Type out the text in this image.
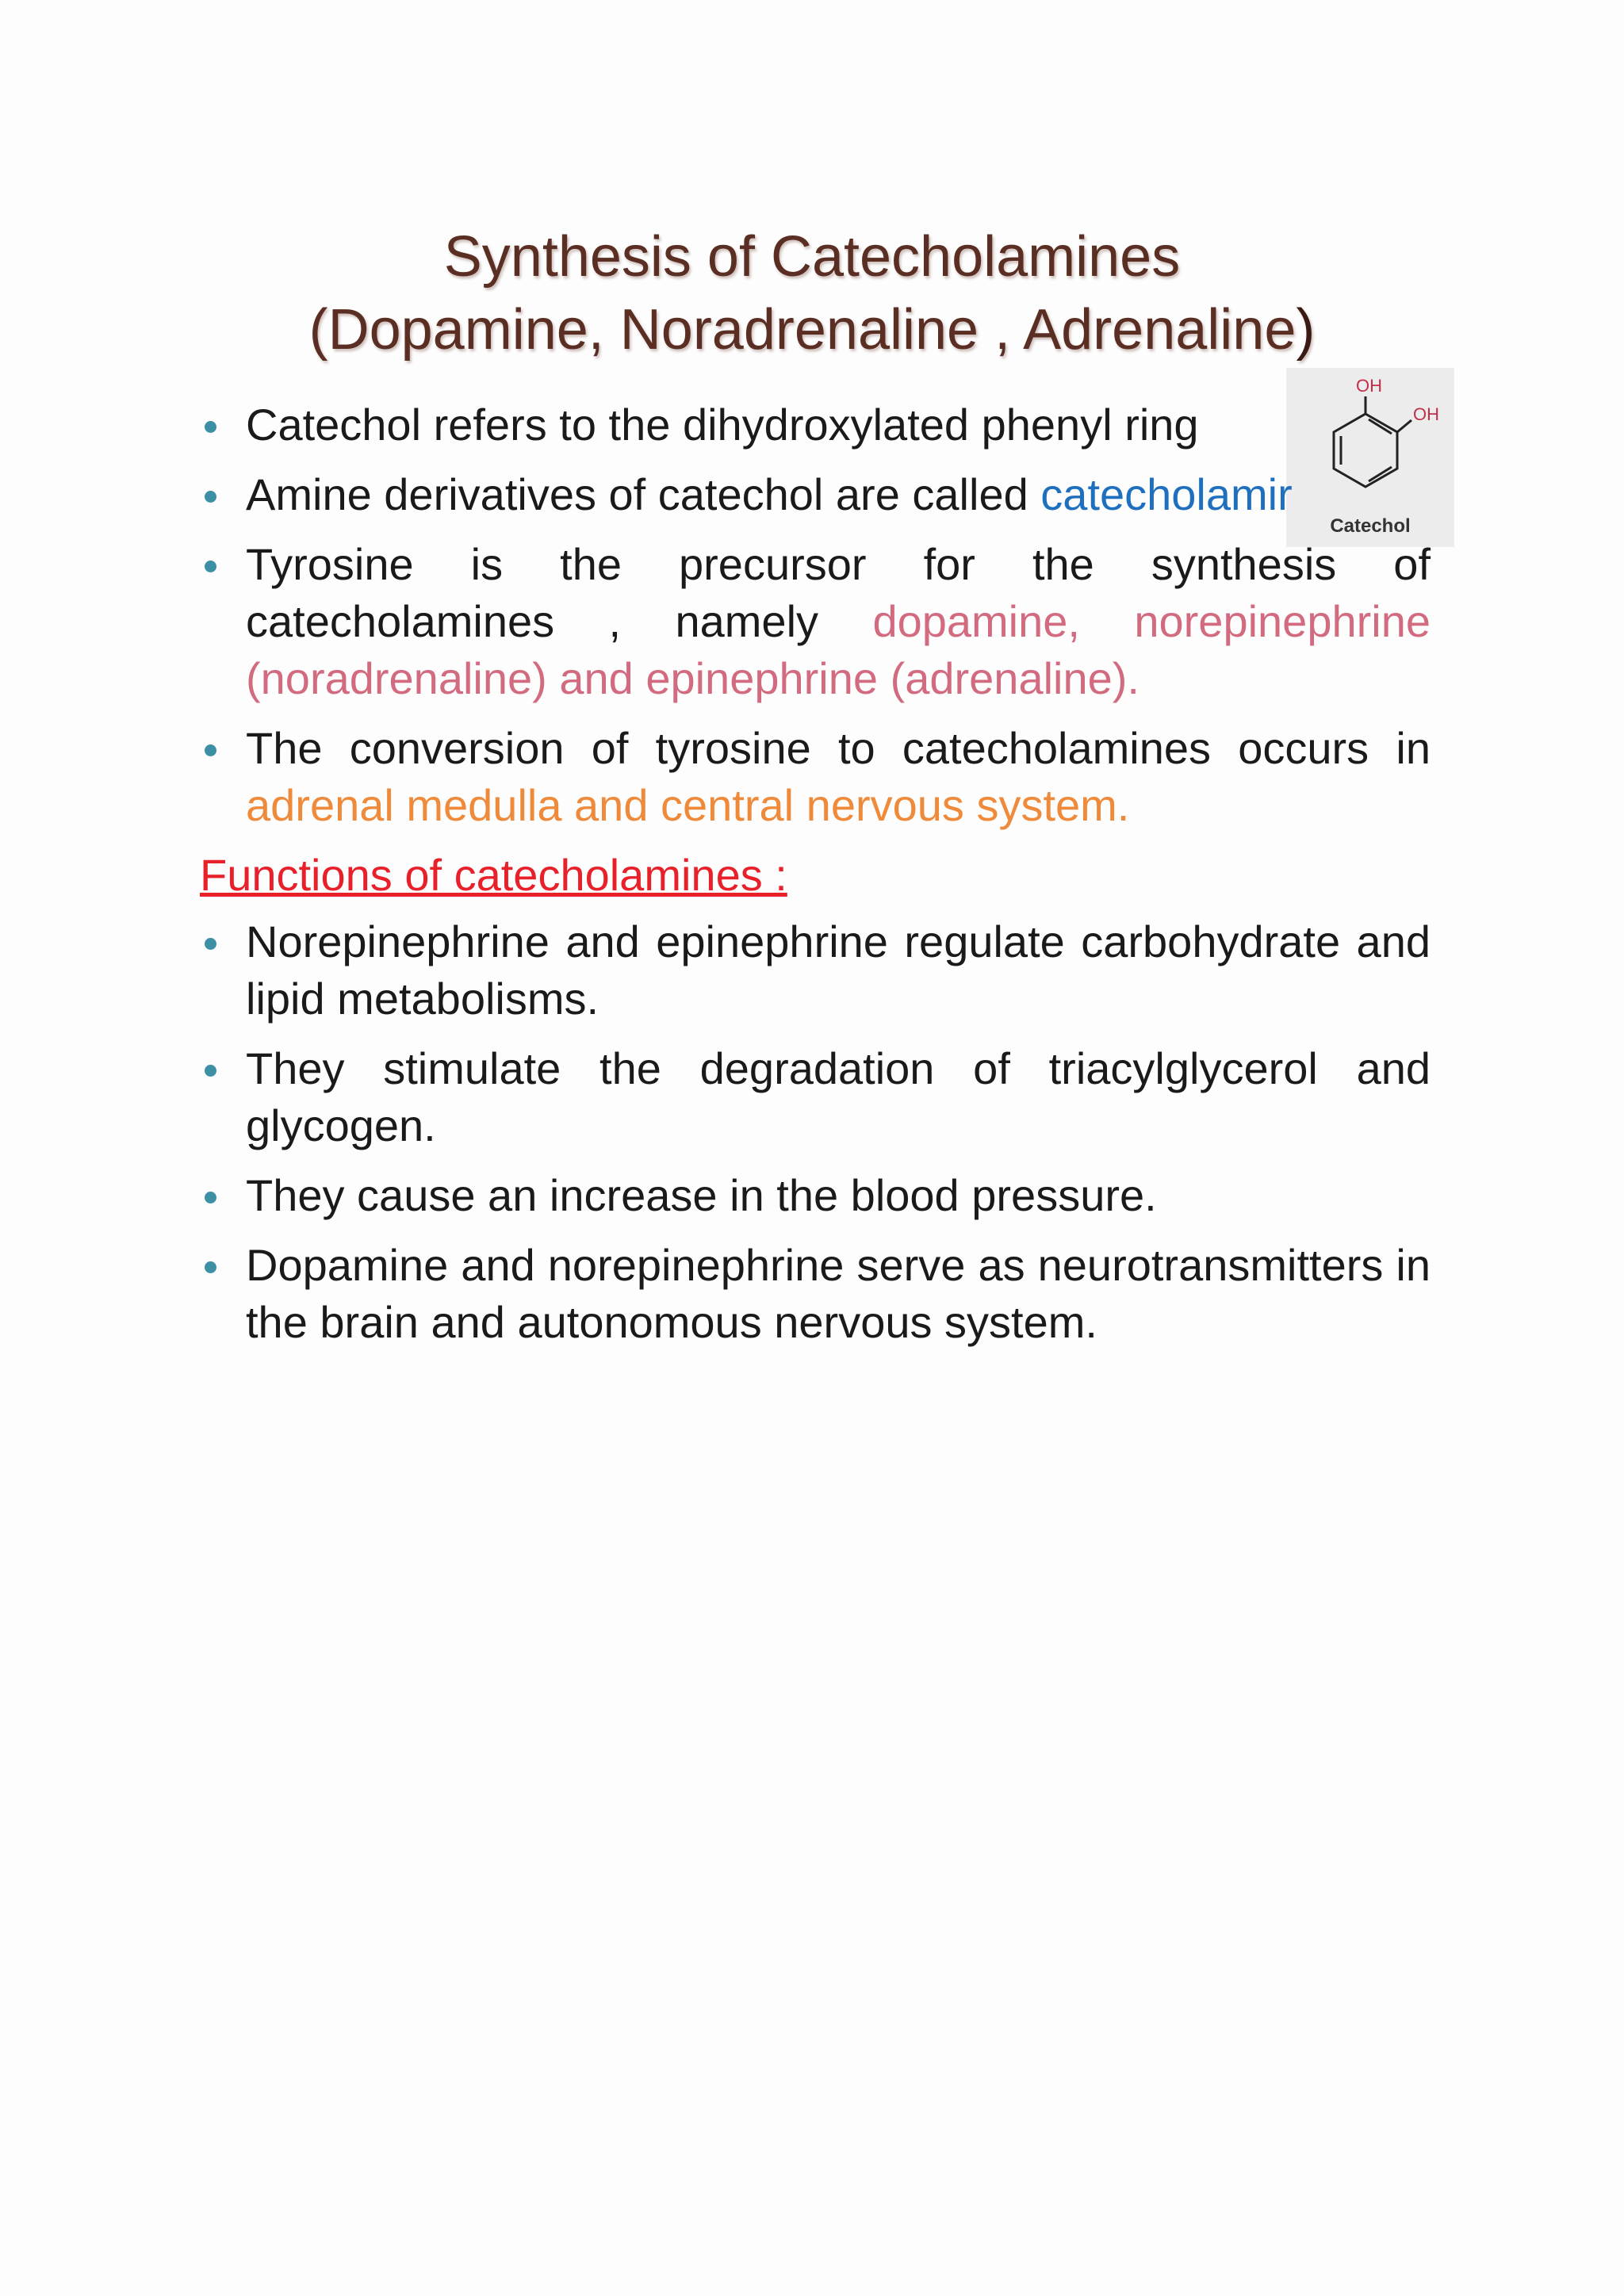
Synthesis of Catecholamines
(Dopamine, Noradrenaline , Adrenaline)
OH
OH
Catechol
Catechol refers to the dihydroxylated phenyl ring
Amine derivatives of catechol are called catecholamir
Tyrosine is the precursor for the synthesis of catecholamines , namely dopamine, norepinephrine (noradrenaline) and epinephrine (adrenaline).
The conversion of tyrosine to catecholamines occurs in adrenal medulla and central nervous system.
Functions of catecholamines :
Norepinephrine and epinephrine regulate carbohydrate and lipid metabolisms.
They stimulate the degradation of triacylglycerol and glycogen.
They cause an increase in the blood pressure.
Dopamine and norepinephrine serve as neurotransmitters in the brain and autonomous nervous system.
